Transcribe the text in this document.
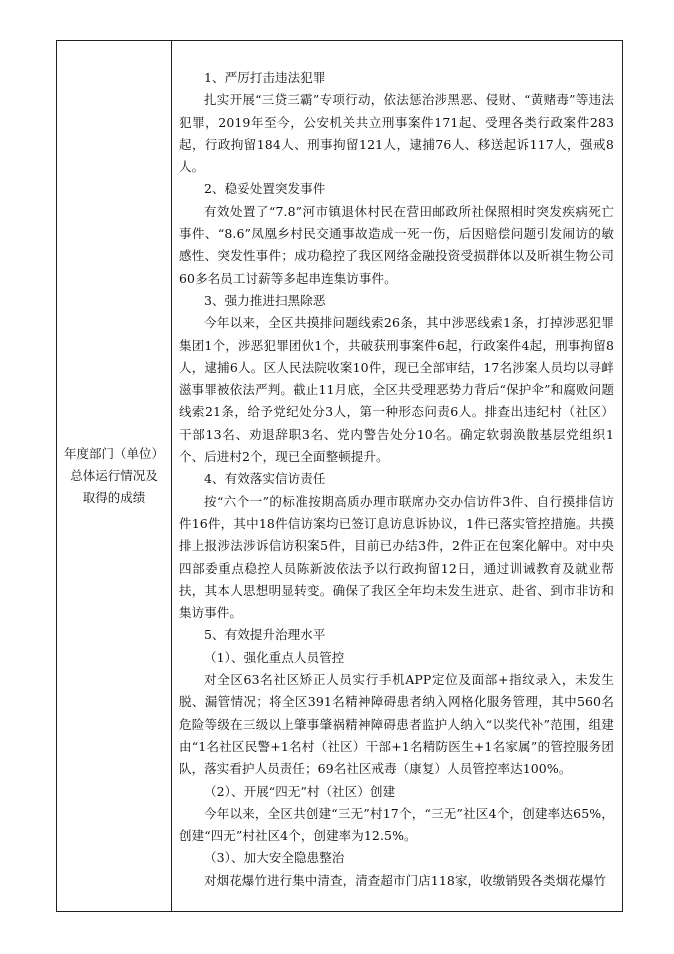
年度部门（单位）
总体运行情况及
取得的成绩

1、严厉打击违法犯罪

扎实开展“三贷三霸”专项行动，依法惩治涉黑恶、侵财、“黄赌毒”等违法犯罪，2019年至今，公安机关共立刑事案件171起、受理各类行政案件283起，行政拘留184人、刑事拘留121人，逮捕76人、移送起诉117人，强戒8人。

2、稳妥处置突发事件

有效处置了“7.8”河市镇退休村民在营田邮政所社保照相时突发疾病死亡事件、“8.6”凤凰乡村民交通事故造成一死一伤，后因赔偿问题引发闹访的敏感性、突发性事件；成功稳控了我区网络金融投资受损群体以及昕祺生物公司60多名员工讨薪等多起串连集访事件。

3、强力推进扫黑除恶

今年以来，全区共摸排问题线索26条，其中涉恶线索1条，打掉涉恶犯罪集团1个，涉恶犯罪团伙1个，共破获刑事案件6起，行政案件4起，刑事拘留8人，逮捕6人。区人民法院收案10件，现已全部审结，17名涉案人员均以寻衅滋事罪被依法严判。截止11月底，全区共受理恶势力背后“保护伞”和腐败问题线索21条，给予党纪处分3人，第一种形态问责6人。排查出违纪村（社区）干部13名、劝退辞职3名、党内警告处分10名。确定软弱涣散基层党组织1个、后进村2个，现已全面整顿提升。

4、有效落实信访责任

按“六个一”的标准按期高质办理市联席办交办信访件3件、自行摸排信访件16件，其中18件信访案均已签订息访息诉协议，1件已落实管控措施。共摸排上报涉法涉诉信访积案5件，目前已办结3件，2件正在包案化解中。对中央四部委重点稳控人员陈新波依法予以行政拘留12日，通过训诫教育及就业帮扶，其本人思想明显转变。确保了我区全年均未发生进京、赴省、到市非访和集访事件。

5、有效提升治理水平

（1）、强化重点人员管控

对全区63名社区矫正人员实行手机APP定位及面部+指纹录入，未发生脱、漏管情况；将全区391名精神障碍患者纳入网格化服务管理，其中560名危险等级在三级以上肇事肇祸精神障碍患者监护人纳入“以奖代补”范围，组建由“1名社区民警+1名村（社区）干部+1名精防医生+1名家属”的管控服务团队，落实看护人员责任；69名社区戒毒（康复）人员管控率达100%。

（2）、开展“四无”村（社区）创建

今年以来，全区共创建“三无”村17个，“三无”社区4个，创建率达65%，创建“四无”村社区4个，创建率为12.5%。

（3）、加大安全隐患整治

对烟花爆竹进行集中清查，清查超市门店118家，收缴销毁各类烟花爆竹
